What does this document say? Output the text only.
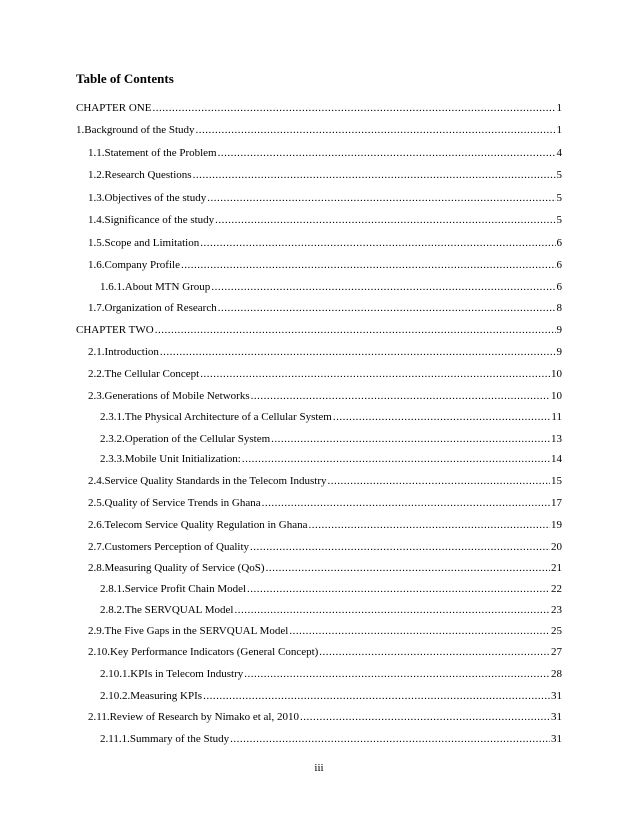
Table of Contents
CHAPTER ONE .....	1
1. Background of the Study .....	1
1.1. Statement of the Problem .....	4
1.2. Research Questions .....	5
1.3. Objectives of the study .....	5
1.4. Significance of the study .....	5
1.5. Scope and Limitation .....	6
1.6. Company Profile .....	6
1.6.1. About MTN Group .....	6
1.7. Organization of Research .....	8
CHAPTER TWO .....	9
2.1. Introduction .....	9
2.2. The Cellular Concept .....	10
2.3. Generations of Mobile Networks .....	10
2.3.1. The Physical Architecture of a Cellular System .....	11
2.3.2. Operation of the Cellular System .....	13
2.3.3. Mobile Unit Initialization: .....	14
2.4. Service Quality Standards in the Telecom Industry .....	15
2.5. Quality of Service Trends in Ghana .....	17
2.6. Telecom Service Quality Regulation in Ghana .....	19
2.7. Customers Perception of Quality .....	20
2.8. Measuring Quality of Service (QoS) .....	21
2.8.1. Service Profit Chain Model .....	22
2.8.2. The SERVQUAL Model .....	23
2.9. The Five Gaps in the SERVQUAL Model .....	25
2.10. Key Performance Indicators (General Concept) .....	27
2.10.1. KPIs in Telecom Industry .....	28
2.10.2. Measuring KPIs .....	31
2.11. Review of Research by Nimako et al, 2010 .....	31
2.11.1. Summary of the Study .....	31
iii
